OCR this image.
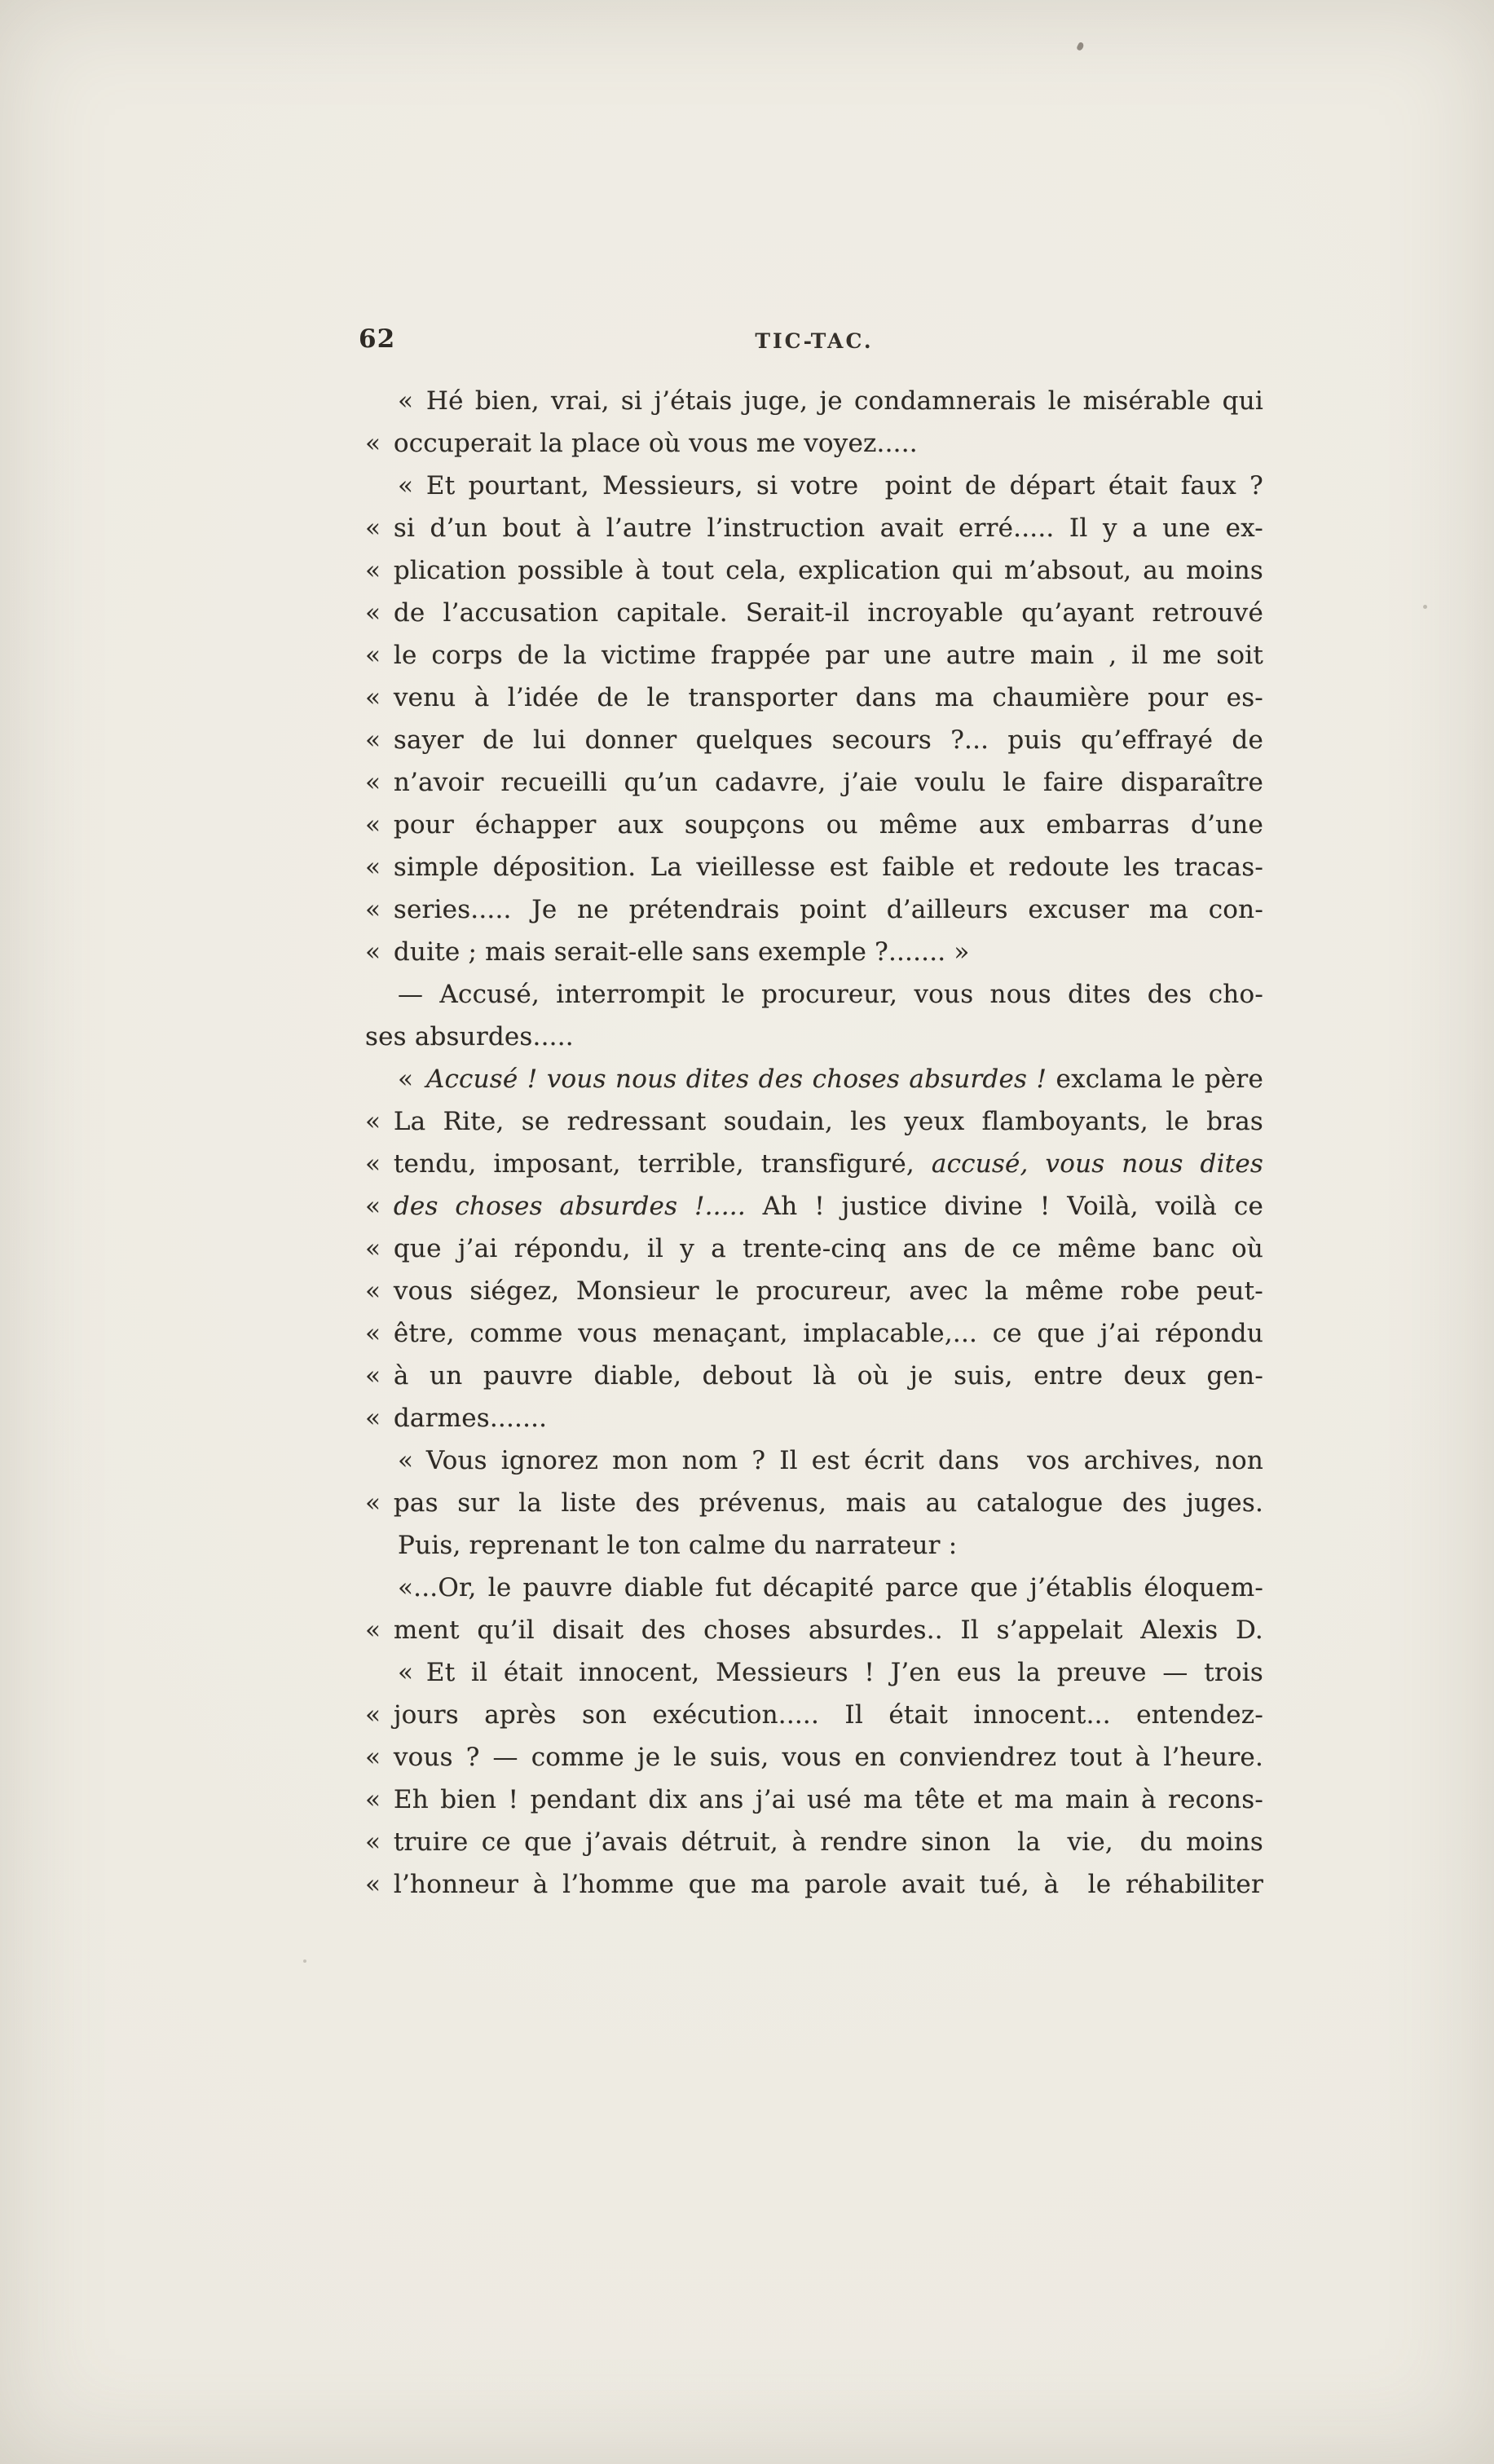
62	TIC-TAC.
« Hé bien, vrai, si j’étais juge, je condamnerais le misérable qui
« occuperait la place où vous me voyez.....
« Et pourtant, Messieurs, si votre  point de départ était faux ?
« si d’un bout à l’autre l’instruction avait erré..... Il y a une ex-
« plication possible à tout cela, explication qui m’absout, au moins
« de l’accusation capitale. Serait-il incroyable qu’ayant retrouvé
« le corps de la victime frappée par une autre main , il me soit
« venu à l’idée de le transporter dans ma chaumière pour es-
« sayer de lui donner quelques secours ?... puis qu’effrayé de
« n’avoir recueilli qu’un cadavre, j’aie voulu le faire disparaître
« pour échapper aux soupçons ou même aux embarras d’une
« simple déposition. La vieillesse est faible et redoute les tracas-
« series..... Je ne prétendrais point d’ailleurs excuser ma con-
« duite ; mais serait-elle sans exemple ?....... »
— Accusé, interrompit le procureur, vous nous dites des cho-
ses absurdes.....
« Accusé ! vous nous dites des choses absurdes ! exclama le père
« La Rite, se redressant soudain, les yeux flamboyants, le bras
« tendu, imposant, terrible, transfiguré, accusé, vous nous dites
« des choses absurdes !..... Ah ! justice divine ! Voilà, voilà ce
« que j’ai répondu, il y a trente-cinq ans de ce même banc où
« vous siégez, Monsieur le procureur, avec la même robe peut-
« être, comme vous menaçant, implacable,... ce que j’ai répondu
« à un pauvre diable, debout là où je suis, entre deux gen-
« darmes.......
« Vous ignorez mon nom ? Il est écrit dans  vos archives, non
« pas sur la liste des prévenus, mais au catalogue des juges.
Puis, reprenant le ton calme du narrateur :
«...Or, le pauvre diable fut décapité parce que j’établis éloquem-
« ment qu’il disait des choses absurdes.. Il s’appelait Alexis D.
« Et il était innocent, Messieurs ! J’en eus la preuve — trois
« jours après son exécution..... Il était innocent... entendez-
« vous ? — comme je le suis, vous en conviendrez tout à l’heure.
« Eh bien ! pendant dix ans j’ai usé ma tête et ma main à recons-
« truire ce que j’avais détruit, à rendre sinon  la  vie,  du moins
« l’honneur à l’homme que ma parole avait tué, à  le réhabiliter
